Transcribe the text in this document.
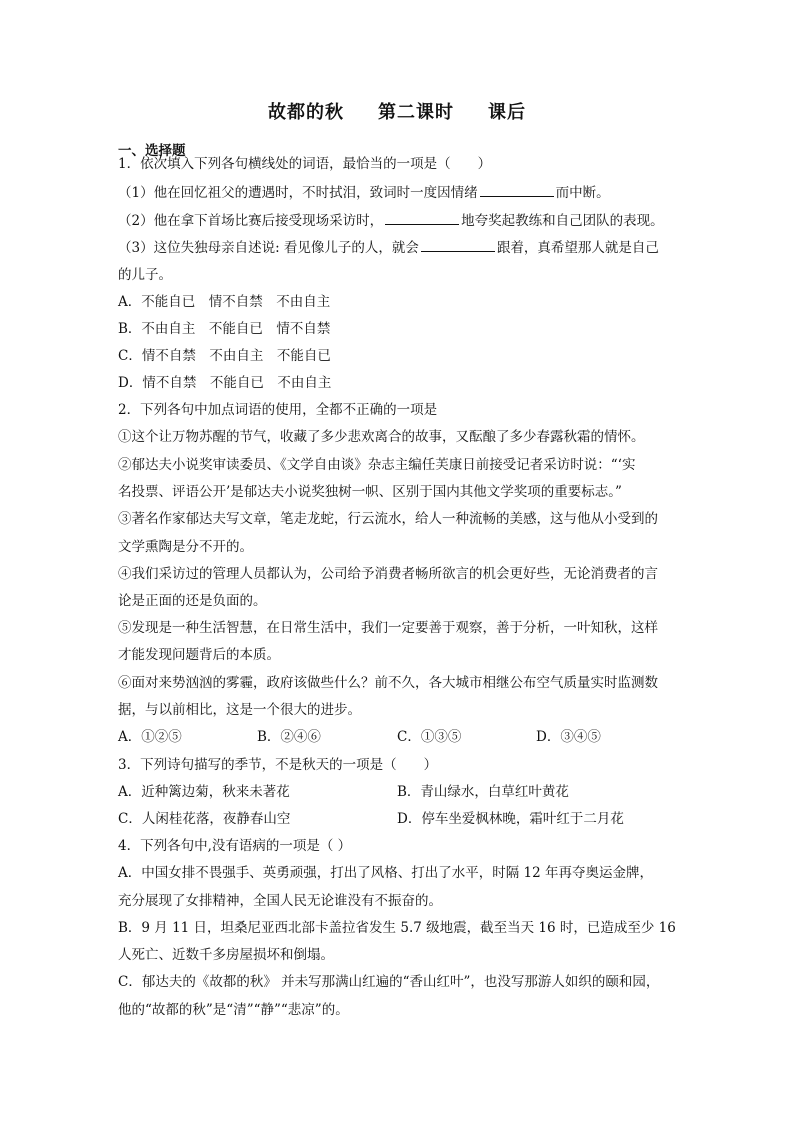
故都的秋 第二课时 课后
一、选择题
1．依次填入下列各句横线处的词语，最恰当的一项是（　　）
（1）他在回忆祖父的遭遇时，不时拭泪，致词时一度因情绪	而中断。
（2）他在拿下首场比赛后接受现场采访时，	地夸奖起教练和自己团队的表现。
（3）这位失独母亲自述说: 看见像儿子的人，就会	跟着，真希望那人就是自己
的儿子。
A．不能自已　情不自禁　不由自主
B．不由自主　不能自已　情不自禁
C．情不自禁　不由自主　不能自已
D．情不自禁　不能自已　不由自主
2．下列各句中加点词语的使用，全都不正确的一项是
①这个让万物苏醒的节气，收藏了多少悲欢离合的故事，又酝酿了多少春露秋霜的情怀。
②郁达夫小说奖审读委员、《文学自由谈》杂志主编任芙康日前接受记者采访时说：“‘实
名投票、评语公开’是郁达夫小说奖独树一帜、区别于国内其他文学奖项的重要标志。”
③著名作家郁达夫写文章，笔走龙蛇，行云流水，给人一种流畅的美感，这与他从小受到的
文学熏陶是分不开的。
④我们采访过的管理人员都认为，公司给予消费者畅所欲言的机会更好些，无论消费者的言
论是正面的还是负面的。
⑤发现是一种生活智慧，在日常生活中，我们一定要善于观察，善于分析，一叶知秋，这样
才能发现问题背后的本质。
⑥面对来势汹汹的雾霾，政府该做些什么？前不久，各大城市相继公布空气质量实时监测数
据，与以前相比，这是一个很大的进步。
A．①②⑤	B．②④⑥	C．①③⑤	D．③④⑤
3．下列诗句描写的季节，不是秋天的一项是（　　）
A．近种篱边菊，秋来未著花	B．青山绿水，白草红叶黄花
C．人闲桂花落，夜静春山空	D．停车坐爱枫林晚，霜叶红于二月花
4．下列各句中,没有语病的一项是（ ）
A．中国女排不畏强手、英勇顽强，打出了风格、打出了水平，时隔 12 年再夺奥运金牌，
充分展现了女排精神，全国人民无论谁没有不振奋的。
B．9 月 11 日，坦桑尼亚西北部卡盖拉省发生 5.7 级地震，截至当天 16 时，已造成至少 16
人死亡、近数千多房屋损坏和倒塌。
C．郁达夫的《故都的秋》 并未写那满山红遍的“香山红叶”，也没写那游人如织的颐和园，
他的“故都的秋”是“清”“静”“悲凉”的。
